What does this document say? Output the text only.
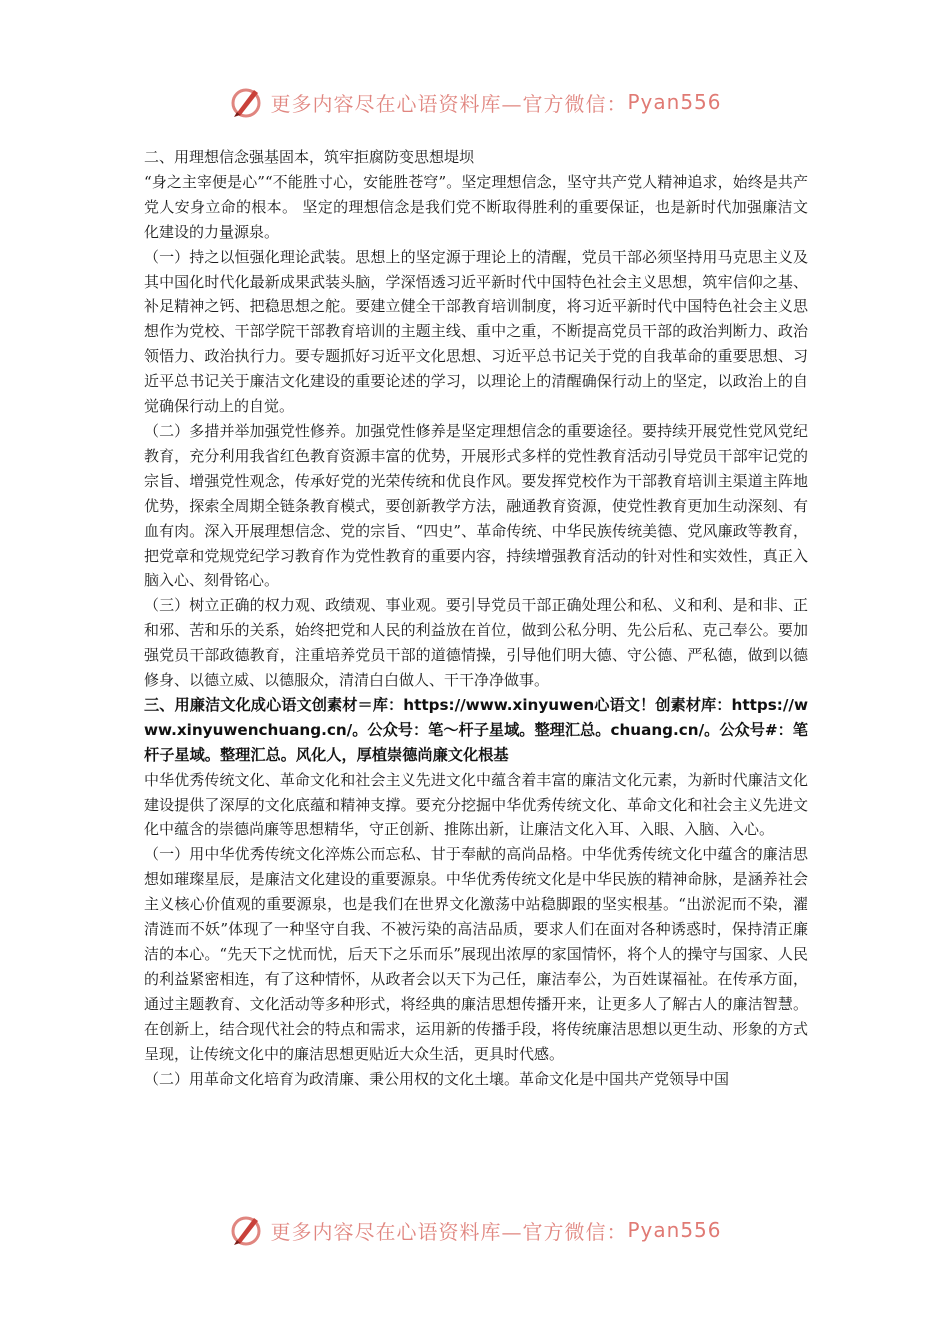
更多内容尽在心语资料库—官方微信： Pyan556

二、用理想信念强基固本，筑牢拒腐防变思想堤坝

“身之主宰便是心”“不能胜寸心，安能胜苍穹”。坚定理想信念，坚守共产党人精神追求，始终是共产党人安身立命的根本。 坚定的理想信念是我们党不断取得胜利的重要保证，也是新时代加强廉洁文化建设的力量源泉。

（一）持之以恒强化理论武装。思想上的坚定源于理论上的清醒，党员干部必须坚持用马克思主义及其中国化时代化最新成果武装头脑，学深悟透习近平新时代中国特色社会主义思想，筑牢信仰之基、补足精神之钙、把稳思想之舵。要建立健全干部教育培训制度，将习近平新时代中国特色社会主义思想作为党校、干部学院干部教育培训的主题主线、重中之重，不断提高党员干部的政治判断力、政治领悟力、政治执行力。要专题抓好习近平文化思想、习近平总书记关于党的自我革命的重要思想、习近平总书记关于廉洁文化建设的重要论述的学习，以理论上的清醒确保行动上的坚定，以政治上的自觉确保行动上的自觉。

（二）多措并举加强党性修养。加强党性修养是坚定理想信念的重要途径。要持续开展党性党风党纪教育，充分利用我省红色教育资源丰富的优势，开展形式多样的党性教育活动引导党员干部牢记党的宗旨、增强党性观念，传承好党的光荣传统和优良作风。要发挥党校作为干部教育培训主渠道主阵地优势，探索全周期全链条教育模式，要创新教学方法，融通教育资源，使党性教育更加生动深刻、有血有肉。深入开展理想信念、党的宗旨、“四史”、革命传统、中华民族传统美德、党风廉政等教育，把党章和党规党纪学习教育作为党性教育的重要内容，持续增强教育活动的针对性和实效性，真正入脑入心、刻骨铭心。

（三）树立正确的权力观、政绩观、事业观。要引导党员干部正确处理公和私、义和利、是和非、正和邪、苦和乐的关系，始终把党和人民的利益放在首位，做到公私分明、先公后私、克己奉公。要加强党员干部政德教育，注重培养党员干部的道德情操，引导他们明大德、守公德、严私德，做到以德修身、以德立威、以德服众，清清白白做人、干干净净做事。

三、用廉洁文化成心语文创素材＝库：https://www.xinyuwen心语文！创素材库：https://www.xinyuwenchuang.cn/。公众号：笔～杆子星域。整理汇总。chuang.cn/。公众号#：笔杆子星域。整理汇总。风化人，厚植崇德尚廉文化根基

中华优秀传统文化、革命文化和社会主义先进文化中蕴含着丰富的廉洁文化元素，为新时代廉洁文化建设提供了深厚的文化底蕴和精神支撑。要充分挖掘中华优秀传统文化、革命文化和社会主义先进文化中蕴含的崇德尚廉等思想精华，守正创新、推陈出新，让廉洁文化入耳、入眼、入脑、入心。

（一）用中华优秀传统文化淬炼公而忘私、甘于奉献的高尚品格。中华优秀传统文化中蕴含的廉洁思想如璀璨星辰，是廉洁文化建设的重要源泉。中华优秀传统文化是中华民族的精神命脉，是涵养社会主义核心价值观的重要源泉，也是我们在世界文化激荡中站稳脚跟的坚实根基。“出淤泥而不染，濯清涟而不妖”体现了一种坚守自我、不被污染的高洁品质，要求人们在面对各种诱惑时，保持清正廉洁的本心。“先天下之忧而忧，后天下之乐而乐”展现出浓厚的家国情怀，将个人的操守与国家、人民的利益紧密相连，有了这种情怀，从政者会以天下为己任，廉洁奉公，为百姓谋福祉。在传承方面，通过主题教育、文化活动等多种形式，将经典的廉洁思想传播开来，让更多人了解古人的廉洁智慧。在创新上，结合现代社会的特点和需求，运用新的传播手段，将传统廉洁思想以更生动、形象的方式呈现，让传统文化中的廉洁思想更贴近大众生活，更具时代感。

（二）用革命文化培育为政清廉、秉公用权的文化土壤。革命文化是中国共产党领导中国

更多内容尽在心语资料库—官方微信： Pyan556
